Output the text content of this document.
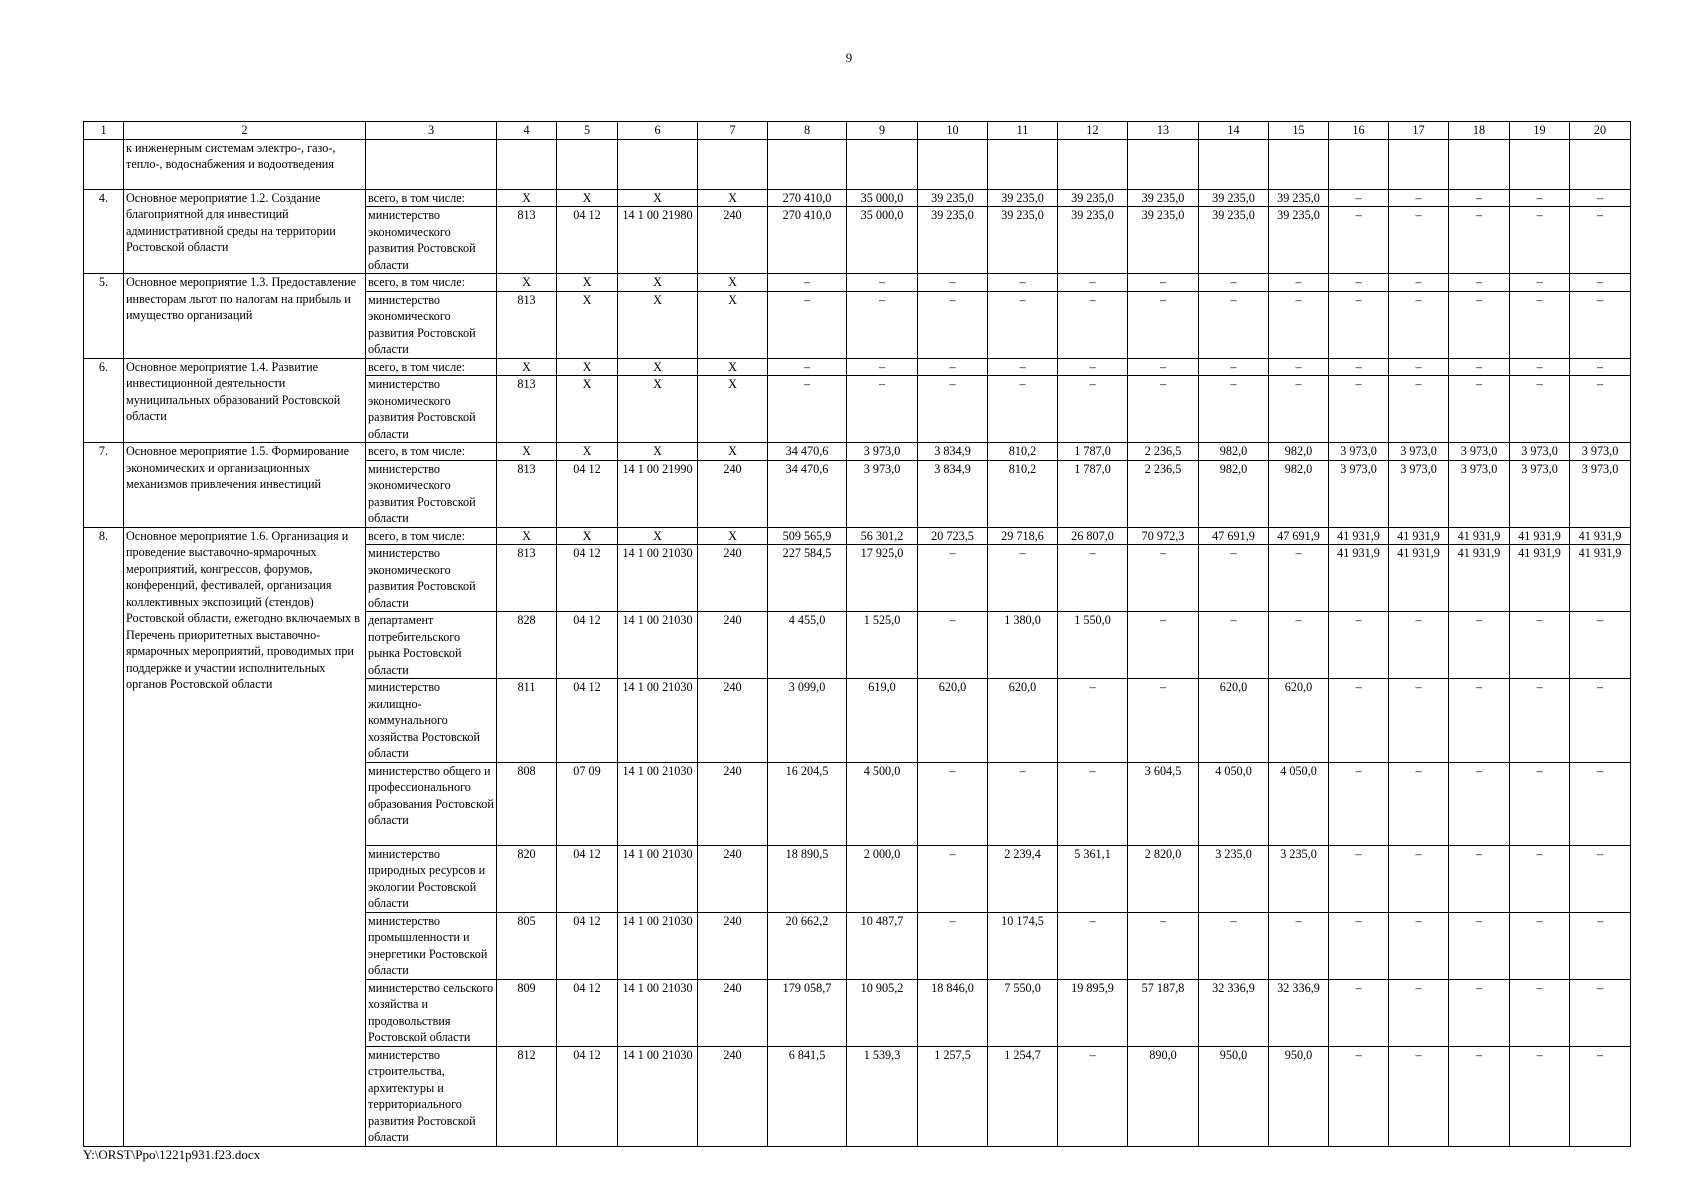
9
1	2	3	4	5	6	7	8	9	10	11	12	13	14	15	16	17	18	19	20
	к инженерным системам электро-, газо-, тепло-, водоснабжения и водоотведения																		
4.	Основное мероприятие 1.2. Создание благоприятной для инвестиций административной среды на территории Ростовской области	всего, в том числе:	X	X	X	X	270 410,0	35 000,0	39 235,0	39 235,0	39 235,0	39 235,0	39 235,0	39 235,0	–	–	–	–	–
		министерство экономического развития Ростовской области	813	04 12	14 1 00 21980	240	270 410,0	35 000,0	39 235,0	39 235,0	39 235,0	39 235,0	39 235,0	39 235,0	–	–	–	–	–
5.	Основное мероприятие 1.3. Предоставление инвесторам льгот по налогам на прибыль и имущество организаций	всего, в том числе:	X	X	X	X	–	–	–	–	–	–	–	–	–	–	–	–	–
		министерство экономического развития Ростовской области	813	X	X	X	–	–	–	–	–	–	–	–	–	–	–	–	–
6.	Основное мероприятие 1.4. Развитие инвестиционной деятельности муниципальных образований Ростовской области	всего, в том числе:	X	X	X	X	–	–	–	–	–	–	–	–	–	–	–	–	–
		министерство экономического развития Ростовской области	813	X	X	X	–	–	–	–	–	–	–	–	–	–	–	–	–
7.	Основное мероприятие 1.5. Формирование экономических и организационных механизмов привлечения инвестиций	всего, в том числе:	X	X	X	X	34 470,6	3 973,0	3 834,9	810,2	1 787,0	2 236,5	982,0	982,0	3 973,0	3 973,0	3 973,0	3 973,0	3 973,0
		министерство экономического развития Ростовской области	813	04 12	14 1 00 21990	240	34 470,6	3 973,0	3 834,9	810,2	1 787,0	2 236,5	982,0	982,0	3 973,0	3 973,0	3 973,0	3 973,0	3 973,0
8.	Основное мероприятие 1.6. Организация и проведение выставочно-ярмарочных мероприятий, конгрессов, форумов, конференций, фестивалей, организация коллективных экспозиций (стендов) Ростовской области, ежегодно включаемых в Перечень приоритетных выставочно-ярмарочных мероприятий, проводимых при поддержке и участии исполнительных органов Ростовской области	всего, в том числе:	X	X	X	X	509 565,9	56 301,2	20 723,5	29 718,6	26 807,0	70 972,3	47 691,9	47 691,9	41 931,9	41 931,9	41 931,9	41 931,9	41 931,9
		министерство экономического развития Ростовской области	813	04 12	14 1 00 21030	240	227 584,5	17 925,0	–	–	–	–	–	–	41 931,9	41 931,9	41 931,9	41 931,9	41 931,9
		департамент потребительского рынка Ростовской области	828	04 12	14 1 00 21030	240	4 455,0	1 525,0	–	1 380,0	1 550,0	–	–	–	–	–	–	–	–
		министерство жилищно-коммунального хозяйства Ростовской области	811	04 12	14 1 00 21030	240	3 099,0	619,0	620,0	620,0	–	–	620,0	620,0	–	–	–	–	–
		министерство общего и профессионального образования Ростовской области	808	07 09	14 1 00 21030	240	16 204,5	4 500,0	–	–	–	3 604,5	4 050,0	4 050,0	–	–	–	–	–
		министерство природных ресурсов и экологии Ростовской области	820	04 12	14 1 00 21030	240	18 890,5	2 000,0	–	2 239,4	5 361,1	2 820,0	3 235,0	3 235,0	–	–	–	–	–
		министерство промышленности и энергетики Ростовской области	805	04 12	14 1 00 21030	240	20 662,2	10 487,7	–	10 174,5	–	–	–	–	–	–	–	–	–
		министерство сельского хозяйства и продовольствия Ростовской области	809	04 12	14 1 00 21030	240	179 058,7	10 905,2	18 846,0	7 550,0	19 895,9	57 187,8	32 336,9	32 336,9	–	–	–	–	–
		министерство строительства, архитектуры и территориального развития Ростовской области	812	04 12	14 1 00 21030	240	6 841,5	1 539,3	1 257,5	1 254,7	–	890,0	950,0	950,0	–	–	–	–	–
Y:\ORST\Ppo\1221p931.f23.docx
